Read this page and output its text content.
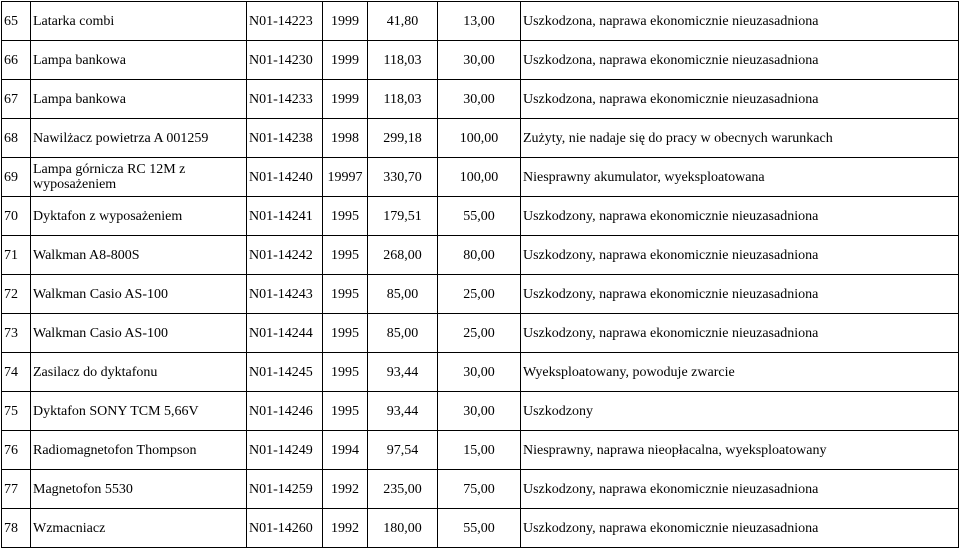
65	Latarka combi	N01-14223	1999	41,80	13,00	Uszkodzona, naprawa ekonomicznie nieuzasadniona
66	Lampa bankowa	N01-14230	1999	118,03	30,00	Uszkodzona, naprawa ekonomicznie nieuzasadniona
67	Lampa bankowa	N01-14233	1999	118,03	30,00	Uszkodzona, naprawa ekonomicznie nieuzasadniona
68	Nawilżacz powietrza A 001259	N01-14238	1998	299,18	100,00	Zużyty, nie nadaje się do pracy w obecnych warunkach
69	Lampa górnicza RC 12M z wyposażeniem	N01-14240	19997	330,70	100,00	Niesprawny akumulator, wyeksploatowana
70	Dyktafon z wyposażeniem	N01-14241	1995	179,51	55,00	Uszkodzony, naprawa ekonomicznie nieuzasadniona
71	Walkman A8-800S	N01-14242	1995	268,00	80,00	Uszkodzony, naprawa ekonomicznie nieuzasadniona
72	Walkman Casio AS-100	N01-14243	1995	85,00	25,00	Uszkodzony, naprawa ekonomicznie nieuzasadniona
73	Walkman Casio AS-100	N01-14244	1995	85,00	25,00	Uszkodzony, naprawa ekonomicznie nieuzasadniona
74	Zasilacz do dyktafonu	N01-14245	1995	93,44	30,00	Wyeksploatowany, powoduje zwarcie
75	Dyktafon SONY TCM 5,66V	N01-14246	1995	93,44	30,00	Uszkodzony
76	Radiomagnetofon Thompson	N01-14249	1994	97,54	15,00	Niesprawny, naprawa nieopłacalna, wyeksploatowany
77	Magnetofon 5530	N01-14259	1992	235,00	75,00	Uszkodzony, naprawa ekonomicznie nieuzasadniona
78	Wzmacniacz	N01-14260	1992	180,00	55,00	Uszkodzony, naprawa ekonomicznie nieuzasadniona
